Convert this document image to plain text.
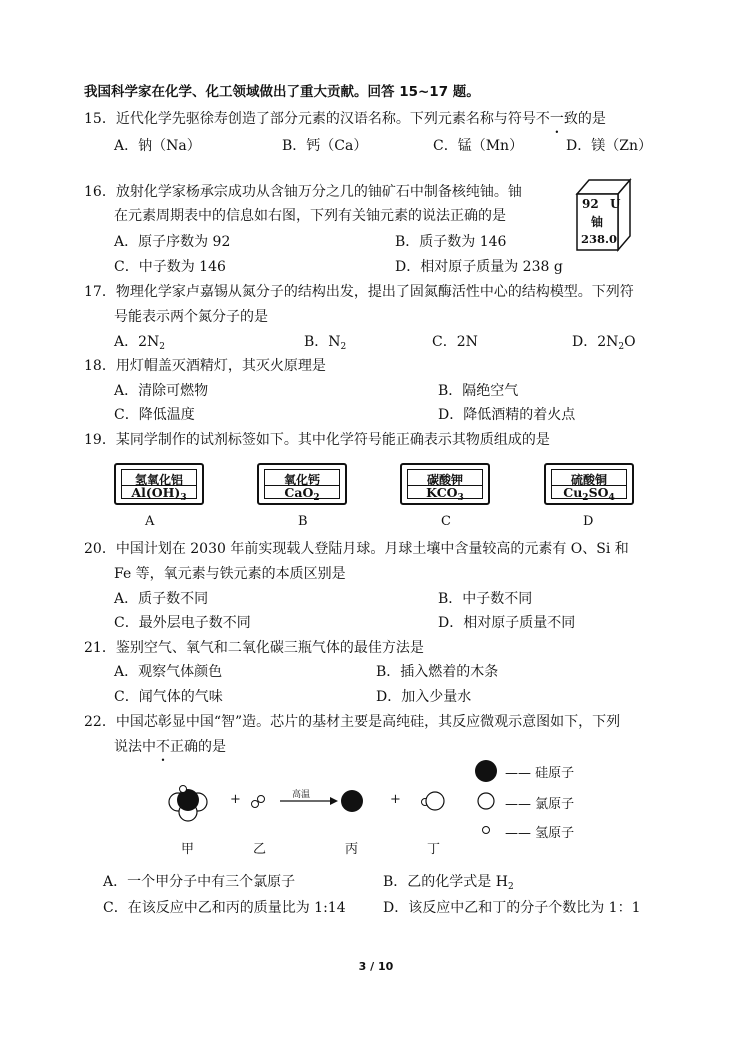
我国科学家在化学、化工领域做出了重大贡献。回答 15~17 题。
15．近代化学先驱徐寿创造了部分元素的汉语名称。下列元素名称与符号不一致的是
A．钠（Na）	B．钙（Ca）	C．锰（Mn）	D．镁（Zn）
16．放射化学家杨承宗成功从含铀万分之几的铀矿石中制备核纯铀。铀
在元素周期表中的信息如右图，下列有关铀元素的说法正确的是
A．原子序数为 92	B．质子数为 146
C．中子数为 146	D．相对原子质量为 238 g
92 U
铀
238.0
17．物理化学家卢嘉锡从氮分子的结构出发，提出了固氮酶活性中心的结构模型。下列符
号能表示两个氮分子的是
A．$2N_2$	B．$N_2$	C．2N	D．$2N_2O$
18．用灯帽盖灭酒精灯，其灭火原理是
A．清除可燃物	B．隔绝空气
C．降低温度	D．降低酒精的着火点
19．某同学制作的试剂标签如下。其中化学符号能正确表示其物质组成的是
氢氧化铝
$Al(OH)_3$
氧化钙
CaO$_2$
碳酸钾
$KCO_3$
硫酸铜
$Cu_2SO_4$
A	B	C	D
20．中国计划在 2030 年前实现载人登陆月球。月球土壤中含量较高的元素有 O、Si 和
Fe 等，氧元素与铁元素的本质区别是
A．质子数不同	B．中子数不同
C．最外层电子数不同	D．相对原子质量不同
21．鉴别空气、氧气和二氧化碳三瓶气体的最佳方法是
A．观察气体颜色	B．插入燃着的木条
C．闻气体的气味	D．加入少量水
22．中国芯彰显中国“智”造。芯片的基材主要是高纯硅，其反应微观示意图如下，下列
说法中不正确的是
+	+
高温
—— 硅原子
—— 氯原子
—— 氢原子
甲	乙	丙	丁
A．一个甲分子中有三个氯原子	B．乙的化学式是 $H_2$
C．在该反应中乙和丙的质量比为 1:14	D．该反应中乙和丁的分子个数比为 1：1
3 / 10
